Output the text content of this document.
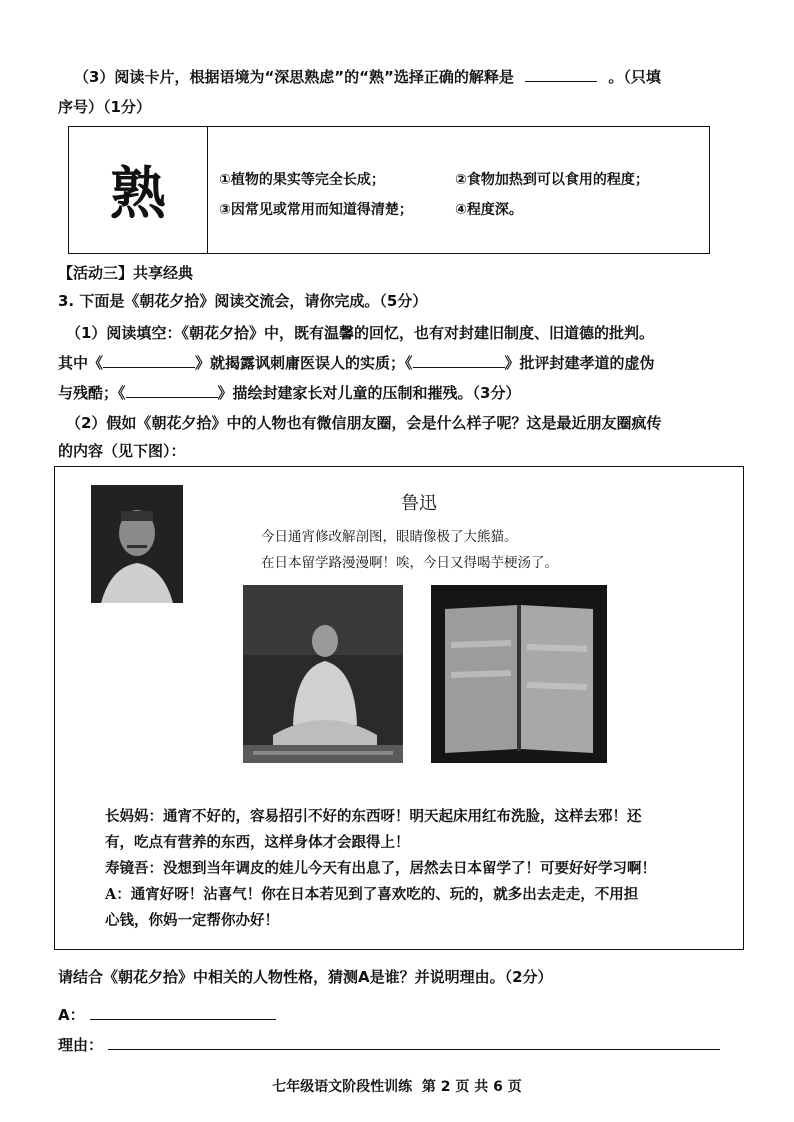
（3）阅读卡片，根据语境为“深思熟虑”的“熟”选择正确的解释是	。（只填
序号）（1分）
熟	①植物的果实等完全长成；	②食物加热到可以食用的程度；
③因常见或常用而知道得清楚；	④程度深。
【活动三】共享经典
3. 下面是《朝花夕拾》阅读交流会，请你完成。（5分）
（1）阅读填空：《朝花夕拾》中，既有温馨的回忆，也有对封建旧制度、旧道德的批判。
其中《	》就揭露讽刺庸医误人的实质；《	》批评封建孝道的虚伪
与残酷；《	》描绘封建家长对儿童的压制和摧残。（3分）
（2）假如《朝花夕拾》中的人物也有微信朋友圈，会是什么样子呢？这是最近朋友圈疯传
的内容（见下图）：
鲁迅
今日通宵修改解剖图，眼睛像极了大熊猫。
在日本留学路漫漫啊！唉，今日又得喝芋梗汤了。
长妈妈：通宵不好的，容易招引不好的东西呀！明天起床用红布洗脸，这样去邪！还
有，吃点有营养的东西，这样身体才会跟得上！
寿镜吾：没想到当年调皮的娃儿今天有出息了，居然去日本留学了！可要好好学习啊！
A：通宵好呀！沾喜气！你在日本若见到了喜欢吃的、玩的，就多出去走走，不用担
心钱，你妈一定帮你办好！
请结合《朝花夕拾》中相关的人物性格，猜测A是谁？并说明理由。（2分）
A：
理由：
七年级语文阶段性训练  第 2 页 共 6 页
